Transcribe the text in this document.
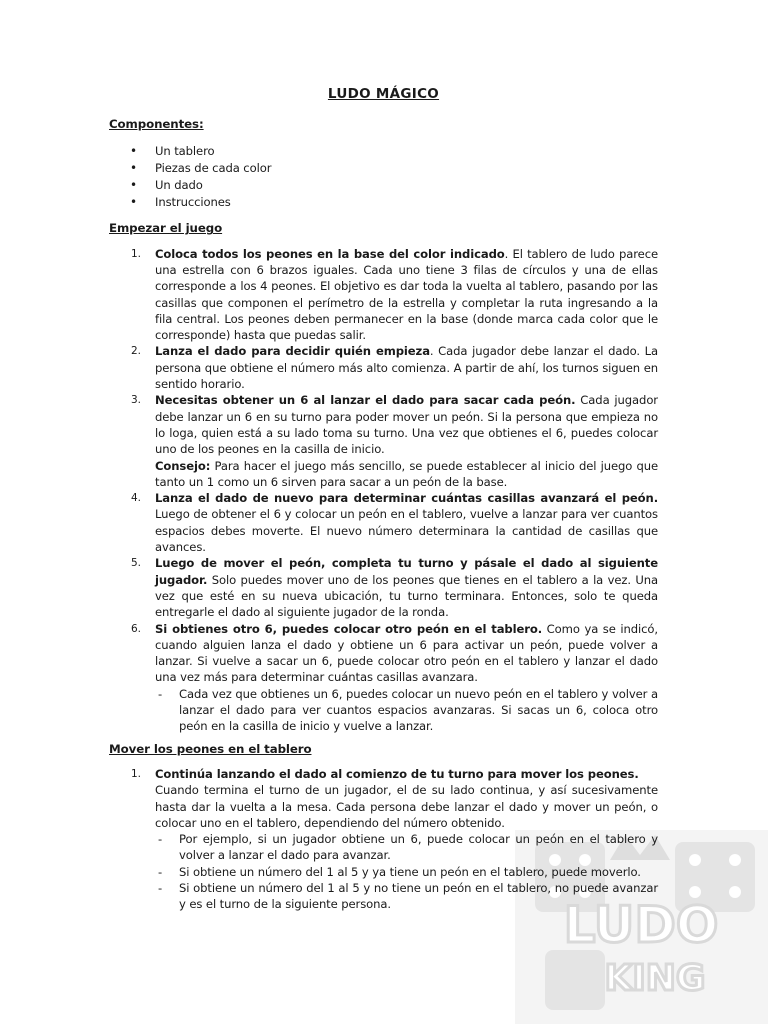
LUDO
KING
LUDO MÁGICO
Componentes:
• Un tablero
• Piezas de cada color
• Un dado
• Instrucciones
Empezar el juego
1. Coloca todos los peones en la base del color indicado. El tablero de ludo parece una estrella con 6 brazos iguales. Cada uno tiene 3 filas de círculos y una de ellas corresponde a los 4 peones. El objetivo es dar toda la vuelta al tablero, pasando por las casillas que componen el perímetro de la estrella y completar la ruta ingresando a la fila central. Los peones deben permanecer en la base (donde marca cada color que le corresponde) hasta que puedas salir.
2. Lanza el dado para decidir quién empieza. Cada jugador debe lanzar el dado. La persona que obtiene el número más alto comienza. A partir de ahí, los turnos siguen en sentido horario.
3. Necesitas obtener un 6 al lanzar el dado para sacar cada peón. Cada jugador debe lanzar un 6 en su turno para poder mover un peón. Si la persona que empieza no lo loga, quien está a su lado toma su turno. Una vez que obtienes el 6, puedes colocar uno de los peones en la casilla de inicio.
Consejo: Para hacer el juego más sencillo, se puede establecer al inicio del juego que tanto un 1 como un 6 sirven para sacar a un peón de la base.
4. Lanza el dado de nuevo para determinar cuántas casillas avanzará el peón. Luego de obtener el 6 y colocar un peón en el tablero, vuelve a lanzar para ver cuantos espacios debes moverte. El nuevo número determinara la cantidad de casillas que avances.
5. Luego de mover el peón, completa tu turno y pásale el dado al siguiente jugador. Solo puedes mover uno de los peones que tienes en el tablero a la vez. Una vez que esté en su nueva ubicación, tu turno terminara. Entonces, solo te queda entregarle el dado al siguiente jugador de la ronda.
6. Si obtienes otro 6, puedes colocar otro peón en el tablero. Como ya se indicó, cuando alguien lanza el dado y obtiene un 6 para activar un peón, puede volver a lanzar. Si vuelve a sacar un 6, puede colocar otro peón en el tablero y lanzar el dado una vez más para determinar cuántas casillas avanzara.
- Cada vez que obtienes un 6, puedes colocar un nuevo peón en el tablero y volver a lanzar el dado para ver cuantos espacios avanzaras. Si sacas un 6, coloca otro peón en la casilla de inicio y vuelve a lanzar.
Mover los peones en el tablero
1. Continúa lanzando el dado al comienzo de tu turno para mover los peones.
Cuando termina el turno de un jugador, el de su lado continua, y así sucesivamente hasta dar la vuelta a la mesa. Cada persona debe lanzar el dado y mover un peón, o colocar uno en el tablero, dependiendo del número obtenido.
- Por ejemplo, si un jugador obtiene un 6, puede colocar un peón en el tablero y volver a lanzar el dado para avanzar.
- Si obtiene un número del 1 al 5 y ya tiene un peón en el tablero, puede moverlo.
- Si obtiene un número del 1 al 5 y no tiene un peón en el tablero, no puede avanzar y es el turno de la siguiente persona.
